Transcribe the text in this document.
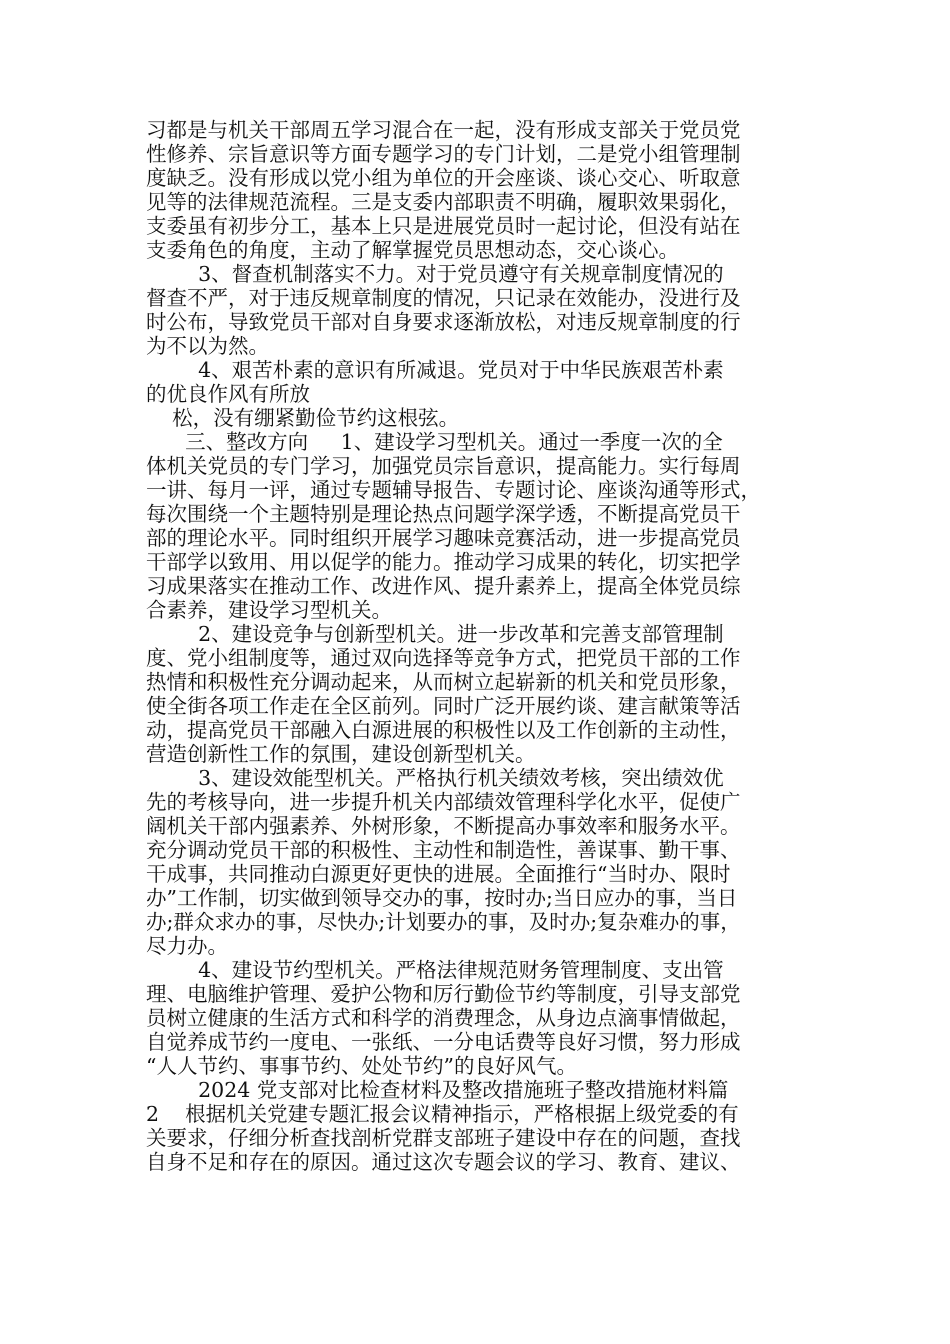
习都是与机关干部周五学习混合在一起，没有形成支部关于党员党
性修养、宗旨意识等方面专题学习的专门计划，二是党小组管理制
度缺乏。没有形成以党小组为单位的开会座谈、谈心交心、听取意
见等的法律规范流程。三是支委内部职责不明确，履职效果弱化，
支委虽有初步分工，基本上只是进展党员时一起讨论，但没有站在
支委角色的角度，主动了解掌握党员思想动态，交心谈心。
3、督查机制落实不力。对于党员遵守有关规章制度情况的
督查不严，对于违反规章制度的情况，只记录在效能办，没进行及
时公布，导致党员干部对自身要求逐渐放松，对违反规章制度的行
为不以为然。
4、艰苦朴素的意识有所减退。党员对于中华民族艰苦朴素
的优良作风有所放
松，没有绷紧勤俭节约这根弦。
三、整改方向     1、建设学习型机关。通过一季度一次的全
体机关党员的专门学习，加强党员宗旨意识，提高能力。实行每周
一讲、每月一评，通过专题辅导报告、专题讨论、座谈沟通等形式，
每次围绕一个主题特别是理论热点问题学深学透，不断提高党员干
部的理论水平。同时组织开展学习趣味竞赛活动，进一步提高党员
干部学以致用、用以促学的能力。推动学习成果的转化，切实把学
习成果落实在推动工作、改进作风、提升素养上，提高全体党员综
合素养，建设学习型机关。
2、建设竞争与创新型机关。进一步改革和完善支部管理制
度、党小组制度等，通过双向选择等竞争方式，把党员干部的工作
热情和积极性充分调动起来，从而树立起崭新的机关和党员形象，
使全街各项工作走在全区前列。同时广泛开展约谈、建言献策等活
动，提高党员干部融入白源进展的积极性以及工作创新的主动性，
营造创新性工作的氛围，建设创新型机关。
3、建设效能型机关。严格执行机关绩效考核，突出绩效优
先的考核导向，进一步提升机关内部绩效管理科学化水平，促使广
阔机关干部内强素养、外树形象，不断提高办事效率和服务水平。
充分调动党员干部的积极性、主动性和制造性，善谋事、勤干事、
干成事，共同推动白源更好更快的进展。全面推行“当时办、限时
办”工作制，切实做到领导交办的事，按时办;当日应办的事，当日
办;群众求办的事，尽快办;计划要办的事，及时办;复杂难办的事，
尽力办。
4、建设节约型机关。严格法律规范财务管理制度、支出管
理、电脑维护管理、爱护公物和厉行勤俭节约等制度，引导支部党
员树立健康的生活方式和科学的消费理念，从身边点滴事情做起，
自觉养成节约一度电、一张纸、一分电话费等良好习惯，努力形成
“人人节约、事事节约、处处节约”的良好风气。
2024 党支部对比检查材料及整改措施班子整改措施材料篇
2    根据机关党建专题汇报会议精神指示，严格根据上级党委的有
关要求，仔细分析查找剖析党群支部班子建设中存在的问题，查找
自身不足和存在的原因。通过这次专题会议的学习、教育、建议、
